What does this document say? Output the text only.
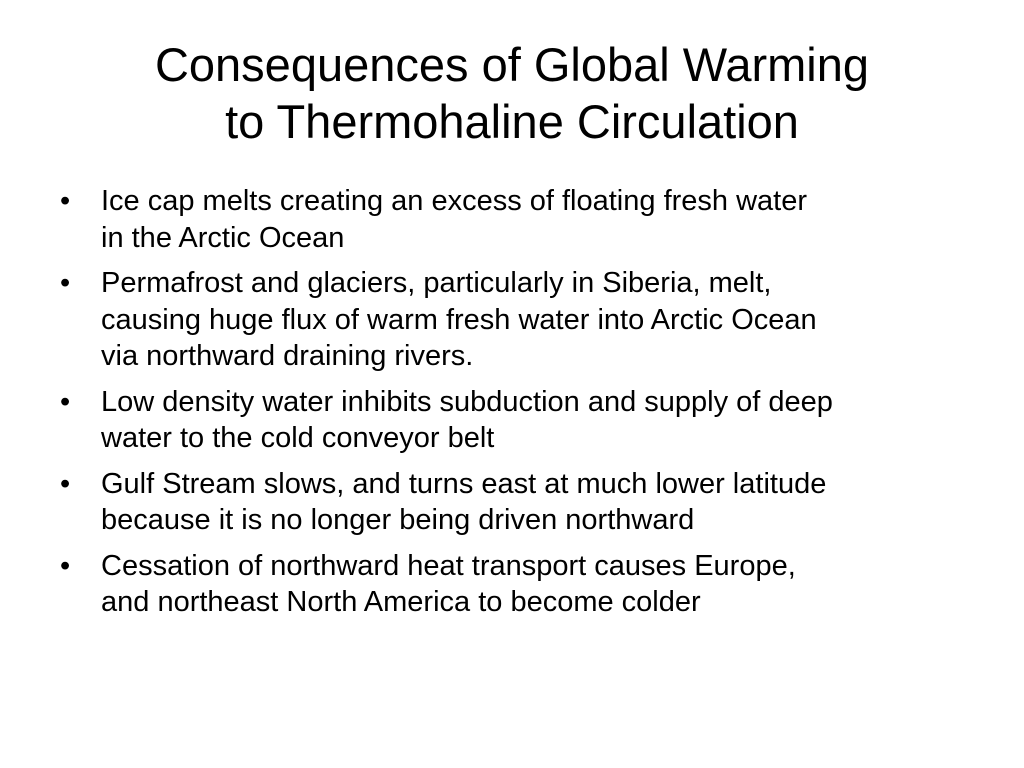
Consequences of Global Warming
to Thermohaline Circulation
• Ice cap melts creating an excess of floating fresh water
in the Arctic Ocean
• Permafrost and glaciers, particularly in Siberia, melt,
causing huge flux of warm fresh water into Arctic Ocean
via northward draining rivers.
• Low density water inhibits subduction and supply of deep
water to the cold conveyor belt
• Gulf Stream slows, and turns east at much lower latitude
because it is no longer being driven northward
• Cessation of northward heat transport causes Europe,
and northeast North America to become colder
